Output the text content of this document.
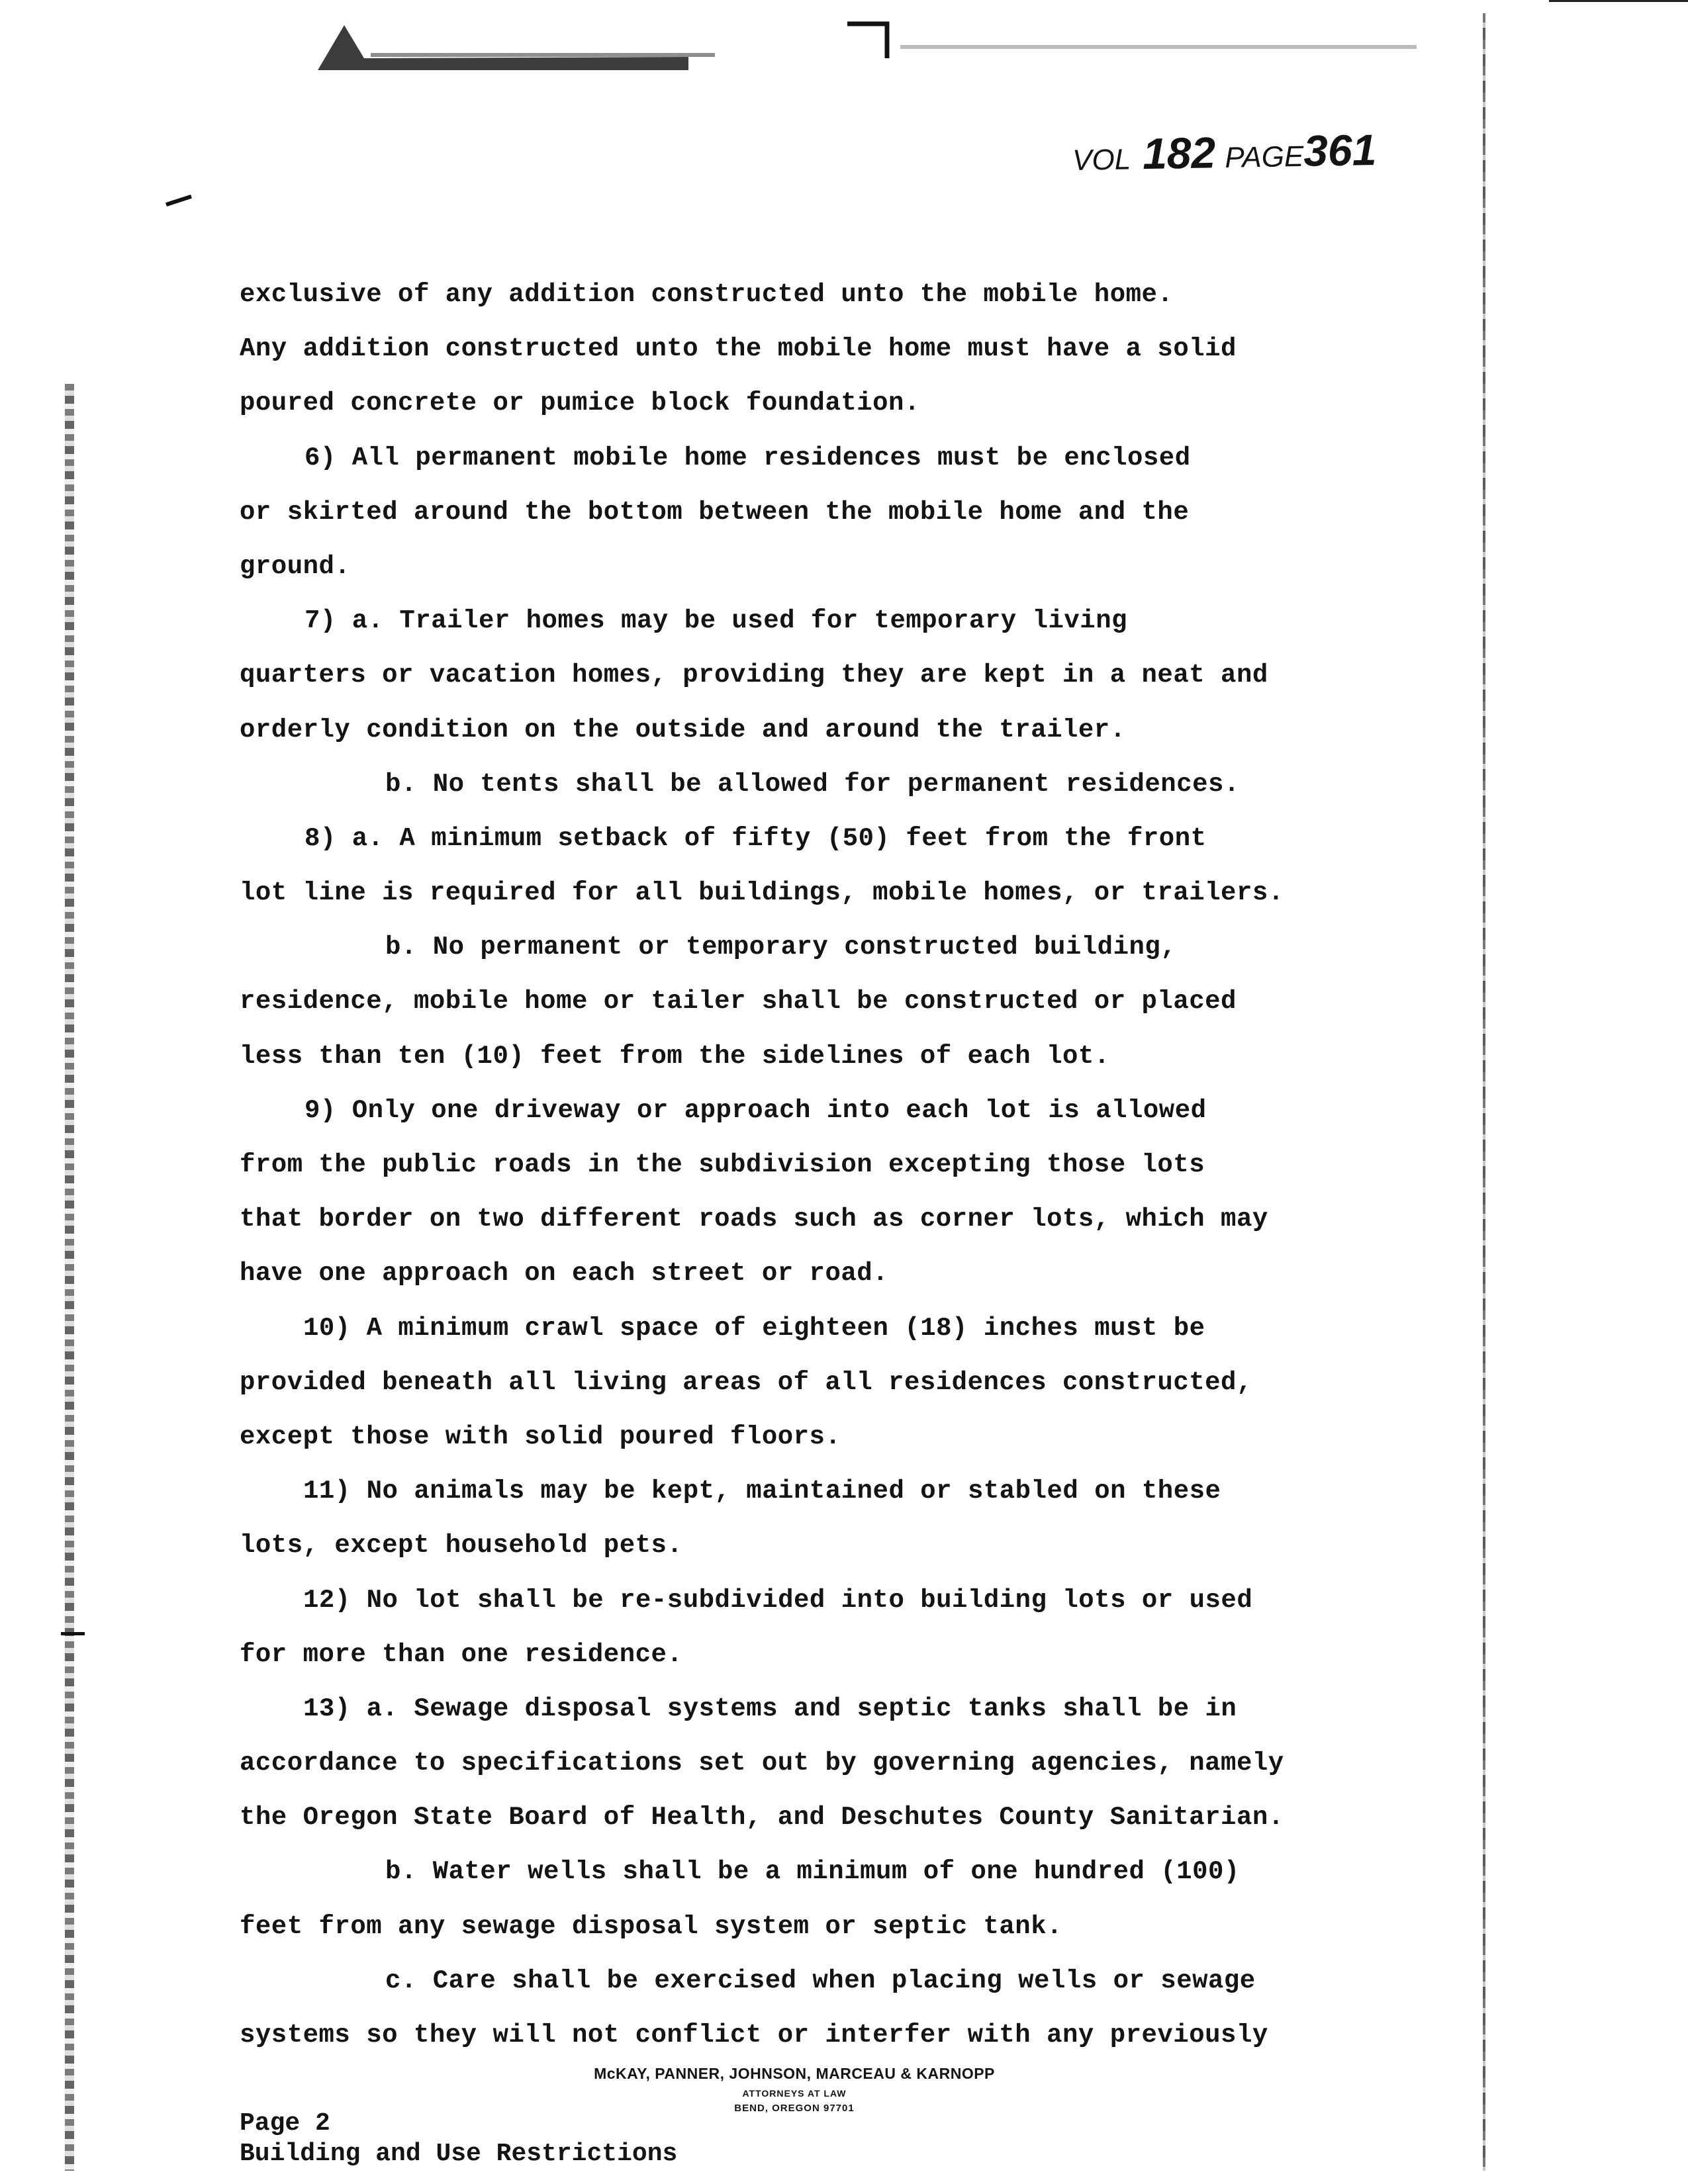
VOL 182 PAGE361
exclusive of any addition constructed unto the mobile home.
Any addition constructed unto the mobile home must have a solid
poured concrete or pumice block foundation.
6) All permanent mobile home residences must be enclosed
or skirted around the bottom between the mobile home and the
ground.
7) a. Trailer homes may be used for temporary living
quarters or vacation homes, providing they are kept in a neat and
orderly condition on the outside and around the trailer.
b. No tents shall be allowed for permanent residences.
8) a. A minimum setback of fifty (50) feet from the front
lot line is required for all buildings, mobile homes, or trailers.
b. No permanent or temporary constructed building,
residence, mobile home or tailer shall be constructed or placed
less than ten (10) feet from the sidelines of each lot.
9) Only one driveway or approach into each lot is allowed
from the public roads in the subdivision excepting those lots
that border on two different roads such as corner lots, which may
have one approach on each street or road.
10) A minimum crawl space of eighteen (18) inches must be
provided beneath all living areas of all residences constructed,
except those with solid poured floors.
11) No animals may be kept, maintained or stabled on these
lots, except household pets.
12) No lot shall be re-subdivided into building lots or used
for more than one residence.
13) a. Sewage disposal systems and septic tanks shall be in
accordance to specifications set out by governing agencies, namely
the Oregon State Board of Health, and Deschutes County Sanitarian.
b. Water wells shall be a minimum of one hundred (100)
feet from any sewage disposal system or septic tank.
c. Care shall be exercised when placing wells or sewage
systems so they will not conflict or interfer with any previously
McKAY, PANNER, JOHNSON, MARCEAU & KARNOPP
ATTORNEYS AT LAW
BEND, OREGON 97701
Page 2
Building and Use Restrictions
